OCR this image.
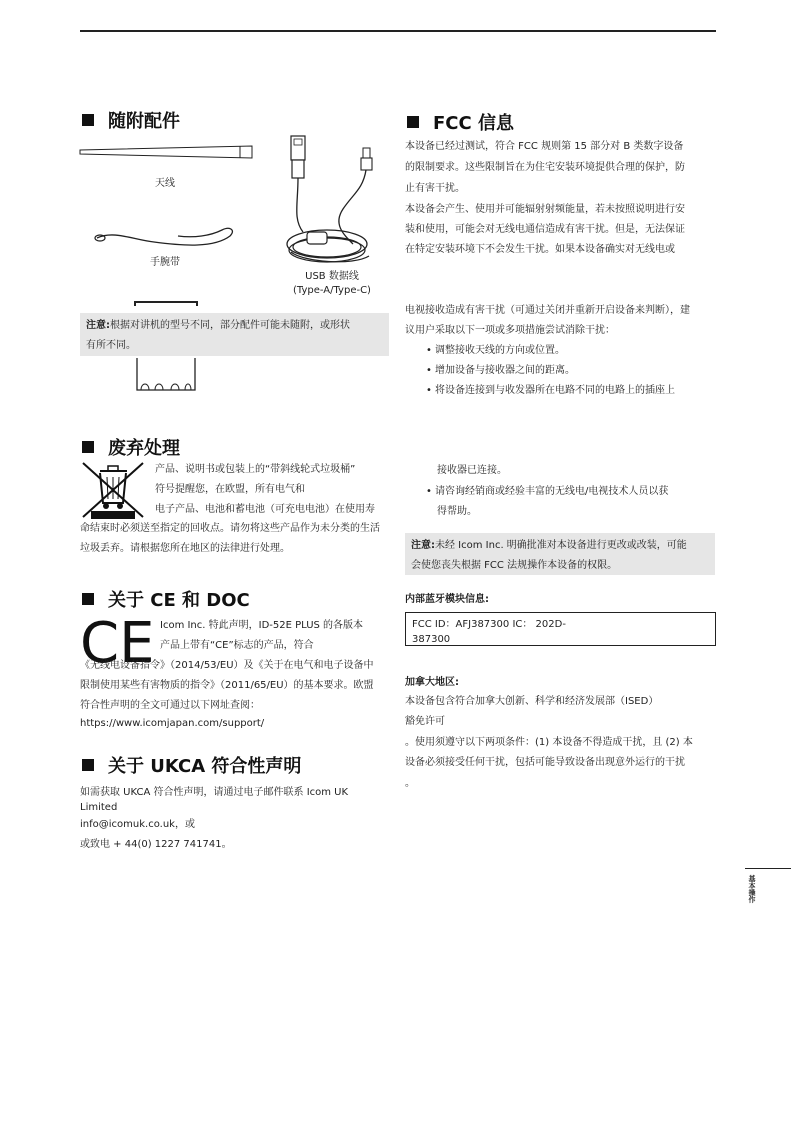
随附配件
天线
手腕带
USB 数据线
(Type-A/Type-C)
注意:根据对讲机的型号不同，部分配件可能未随附，或形状
有所不同。
废弃处理
产品、说明书或包装上的“带斜线轮式垃圾桶”
符号提醒您，在欧盟，所有电气和
电子产品、电池和蓄电池（可充电电池）在使用寿
命结束时必须送至指定的回收点。请勿将这些产品作为未分类的生活
垃圾丢弃。请根据您所在地区的法律进行处理。
关于 CE 和 DOC
CE Icom Inc. 特此声明，ID-52E PLUS 的各版本
产品上带有“CE”标志的产品，符合
《无线电设备指令》（2014/53/EU）及《关于在电气和电子设备中
限制使用某些有害物质的指令》（2011/65/EU）的基本要求。欧盟
符合性声明的全文可通过以下网址查阅：
https://www.icomjapan.com/support/
关于 UKCA 符合性声明
如需获取 UKCA 符合性声明，请通过电子邮件联系 Icom UK
Limited
info@icomuk.co.uk，或
或致电 + 44(0) 1227 741741。
FCC 信息
本设备已经过测试，符合 FCC 规则第 15 部分对 B 类数字设备
的限制要求。这些限制旨在为住宅安装环境提供合理的保护，防
止有害干扰。
本设备会产生、使用并可能辐射射频能量，若未按照说明进行安
装和使用，可能会对无线电通信造成有害干扰。但是，无法保证
在特定安装环境下不会发生干扰。如果本设备确实对无线电或
电视接收造成有害干扰（可通过关闭并重新开启设备来判断），建
议用户采取以下一项或多项措施尝试消除干扰：
• 调整接收天线的方向或位置。
• 增加设备与接收器之间的距离。
• 将设备连接到与收发器所在电路不同的电路上的插座上
接收器已连接。
• 请咨询经销商或经验丰富的无线电/电视技术人员以获
得帮助。
注意:未经 Icom Inc. 明确批准对本设备进行更改或改装，可能
会使您丧失根据 FCC 法规操作本设备的权限。
内部蓝牙模块信息:
FCC ID：AFJ387300 IC： 202D-
387300
加拿大地区:
本设备包含符合加拿大创新、科学和经济发展部（ISED）
豁免许可
。使用须遵守以下两项条件：(1) 本设备不得造成干扰，且 (2) 本
设备必须接受任何干扰，包括可能导致设备出现意外运行的干扰
。
基本操作
